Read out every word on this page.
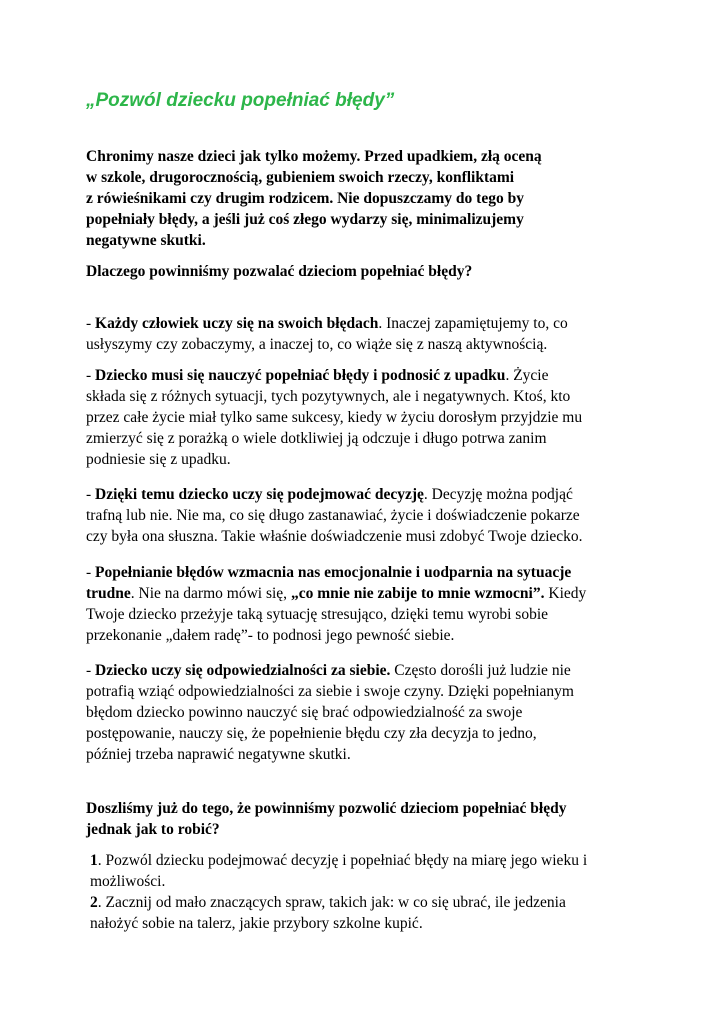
„Pozwól dziecku popełniać błędy”
Chronimy nasze dzieci jak tylko możemy. Przed upadkiem, złą oceną
w szkole, drugorocznością, gubieniem swoich rzeczy, konfliktami
z rówieśnikami czy drugim rodzicem. Nie dopuszczamy do tego by
popełniały błędy, a jeśli już coś złego wydarzy się, minimalizujemy
negatywne skutki.
Dlaczego powinniśmy pozwalać dzieciom popełniać błędy?
- Każdy człowiek uczy się na swoich błędach. Inaczej zapamiętujemy to, co
usłyszymy czy zobaczymy, a inaczej to, co wiąże się z naszą aktywnością.
- Dziecko musi się nauczyć popełniać błędy i podnosić z upadku. Życie
składa się z różnych sytuacji, tych pozytywnych, ale i negatywnych. Ktoś, kto
przez całe życie miał tylko same sukcesy, kiedy w życiu dorosłym przyjdzie mu
zmierzyć się z porażką o wiele dotkliwiej ją odczuje i długo potrwa zanim
podniesie się z upadku.
- Dzięki temu dziecko uczy się podejmować decyzję. Decyzję można podjąć
trafną lub nie. Nie ma, co się długo zastanawiać, życie i doświadczenie pokarze
czy była ona słuszna. Takie właśnie doświadczenie musi zdobyć Twoje dziecko.
- Popełnianie błędów wzmacnia nas emocjonalnie i uodparnia na sytuacje
trudne. Nie na darmo mówi się, „co mnie nie zabije to mnie wzmocni”. Kiedy
Twoje dziecko przeżyje taką sytuację stresująco, dzięki temu wyrobi sobie
przekonanie „dałem radę”- to podnosi jego pewność siebie.
- Dziecko uczy się odpowiedzialności za siebie. Często dorośli już ludzie nie
potrafią wziąć odpowiedzialności za siebie i swoje czyny. Dzięki popełnianym
błędom dziecko powinno nauczyć się brać odpowiedzialność za swoje
postępowanie, nauczy się, że popełnienie błędu czy zła decyzja to jedno,
później trzeba naprawić negatywne skutki.
Doszliśmy już do tego, że powinniśmy pozwolić dzieciom popełniać błędy
jednak jak to robić?
1. Pozwól dziecku podejmować decyzję i popełniać błędy na miarę jego wieku i
możliwości.
2. Zacznij od mało znaczących spraw, takich jak: w co się ubrać, ile jedzenia
nałożyć sobie na talerz, jakie przybory szkolne kupić.
